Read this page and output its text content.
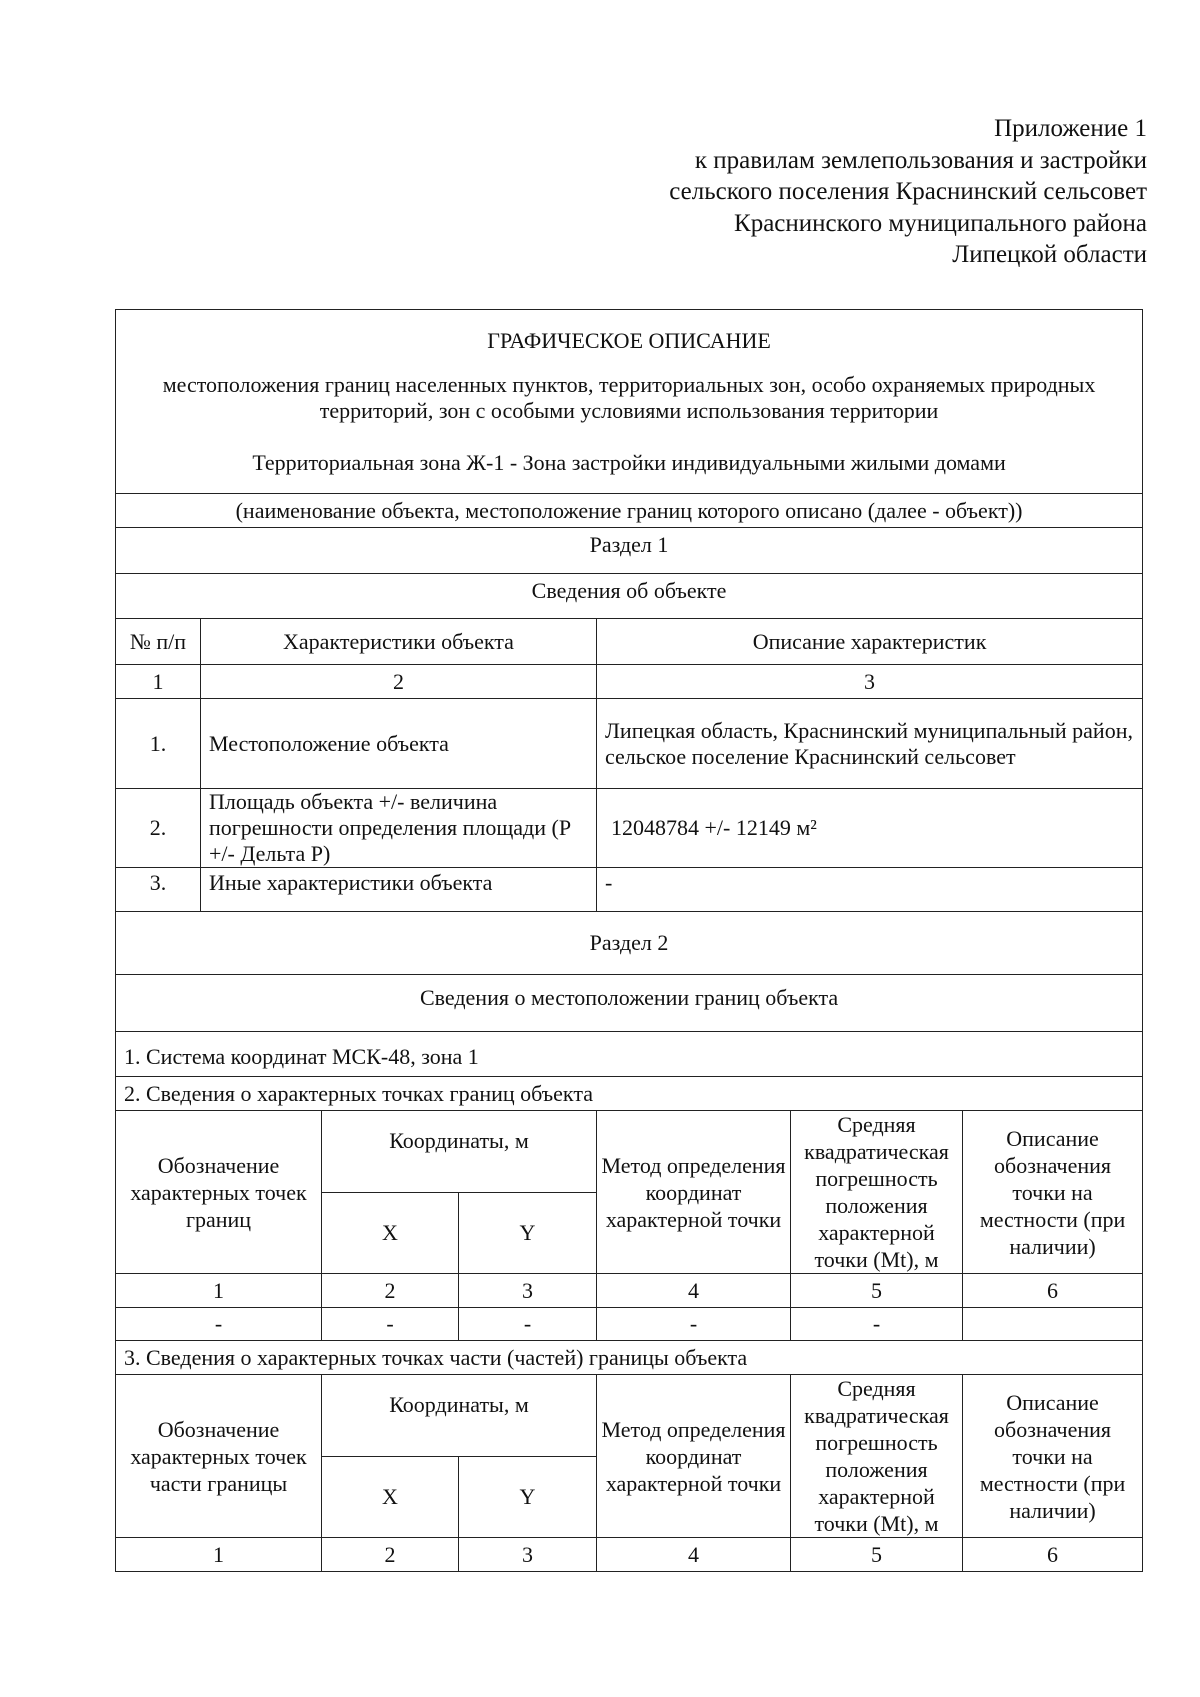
Приложение 1
к правилам землепользования и застройки
сельского поселения Краснинский сельсовет
Краснинского муниципального района
Липецкой области
ГРАФИЧЕСКОЕ ОПИСАНИЕ
местоположения границ населенных пунктов, территориальных зон, особо охраняемых природных территорий, зон с особыми условиями использования территории
Территориальная зона Ж-1 - Зона застройки индивидуальными жилыми домами						

(наименование объекта, местоположение границ которого описано (далее - объект))						
Раздел 1						
Сведения об объекте						
№ п/п	Характеристики объекта			Описание характеристик		
1	2			3		
1.	Местоположение объекта			Липецкая область, Краснинский муниципальный район, сельское поселение Краснинский сельсовет		
2.	Площадь объекта +/- величина погрешности определения площади (P +/- Дельта P)			12048784 +/- 12149 м²		
3.	Иные характеристики объекта			-		
Раздел 2						
Сведения о местоположении границ объекта						
1. Система координат МСК-48, зона 1						
2. Сведения о характерных точках границ объекта						
Обозначение характерных точек границ		Координаты, м		Метод определения координат характерной точки	Средняя квадратическая погрешность положения характерной точки (Mt), м	Описание обозначения точки на местности (при наличии)
		X	Y			
1		2	3	4	5	6
-		-	-	-	-	
3. Сведения о характерных точках части (частей) границы объекта						
Обозначение характерных точек части границы		Координаты, м		Метод определения координат характерной точки	Средняя квадратическая погрешность положения характерной точки (Mt), м	Описание обозначения точки на местности (при наличии)
		X	Y			
1		2	3	4	5	6
